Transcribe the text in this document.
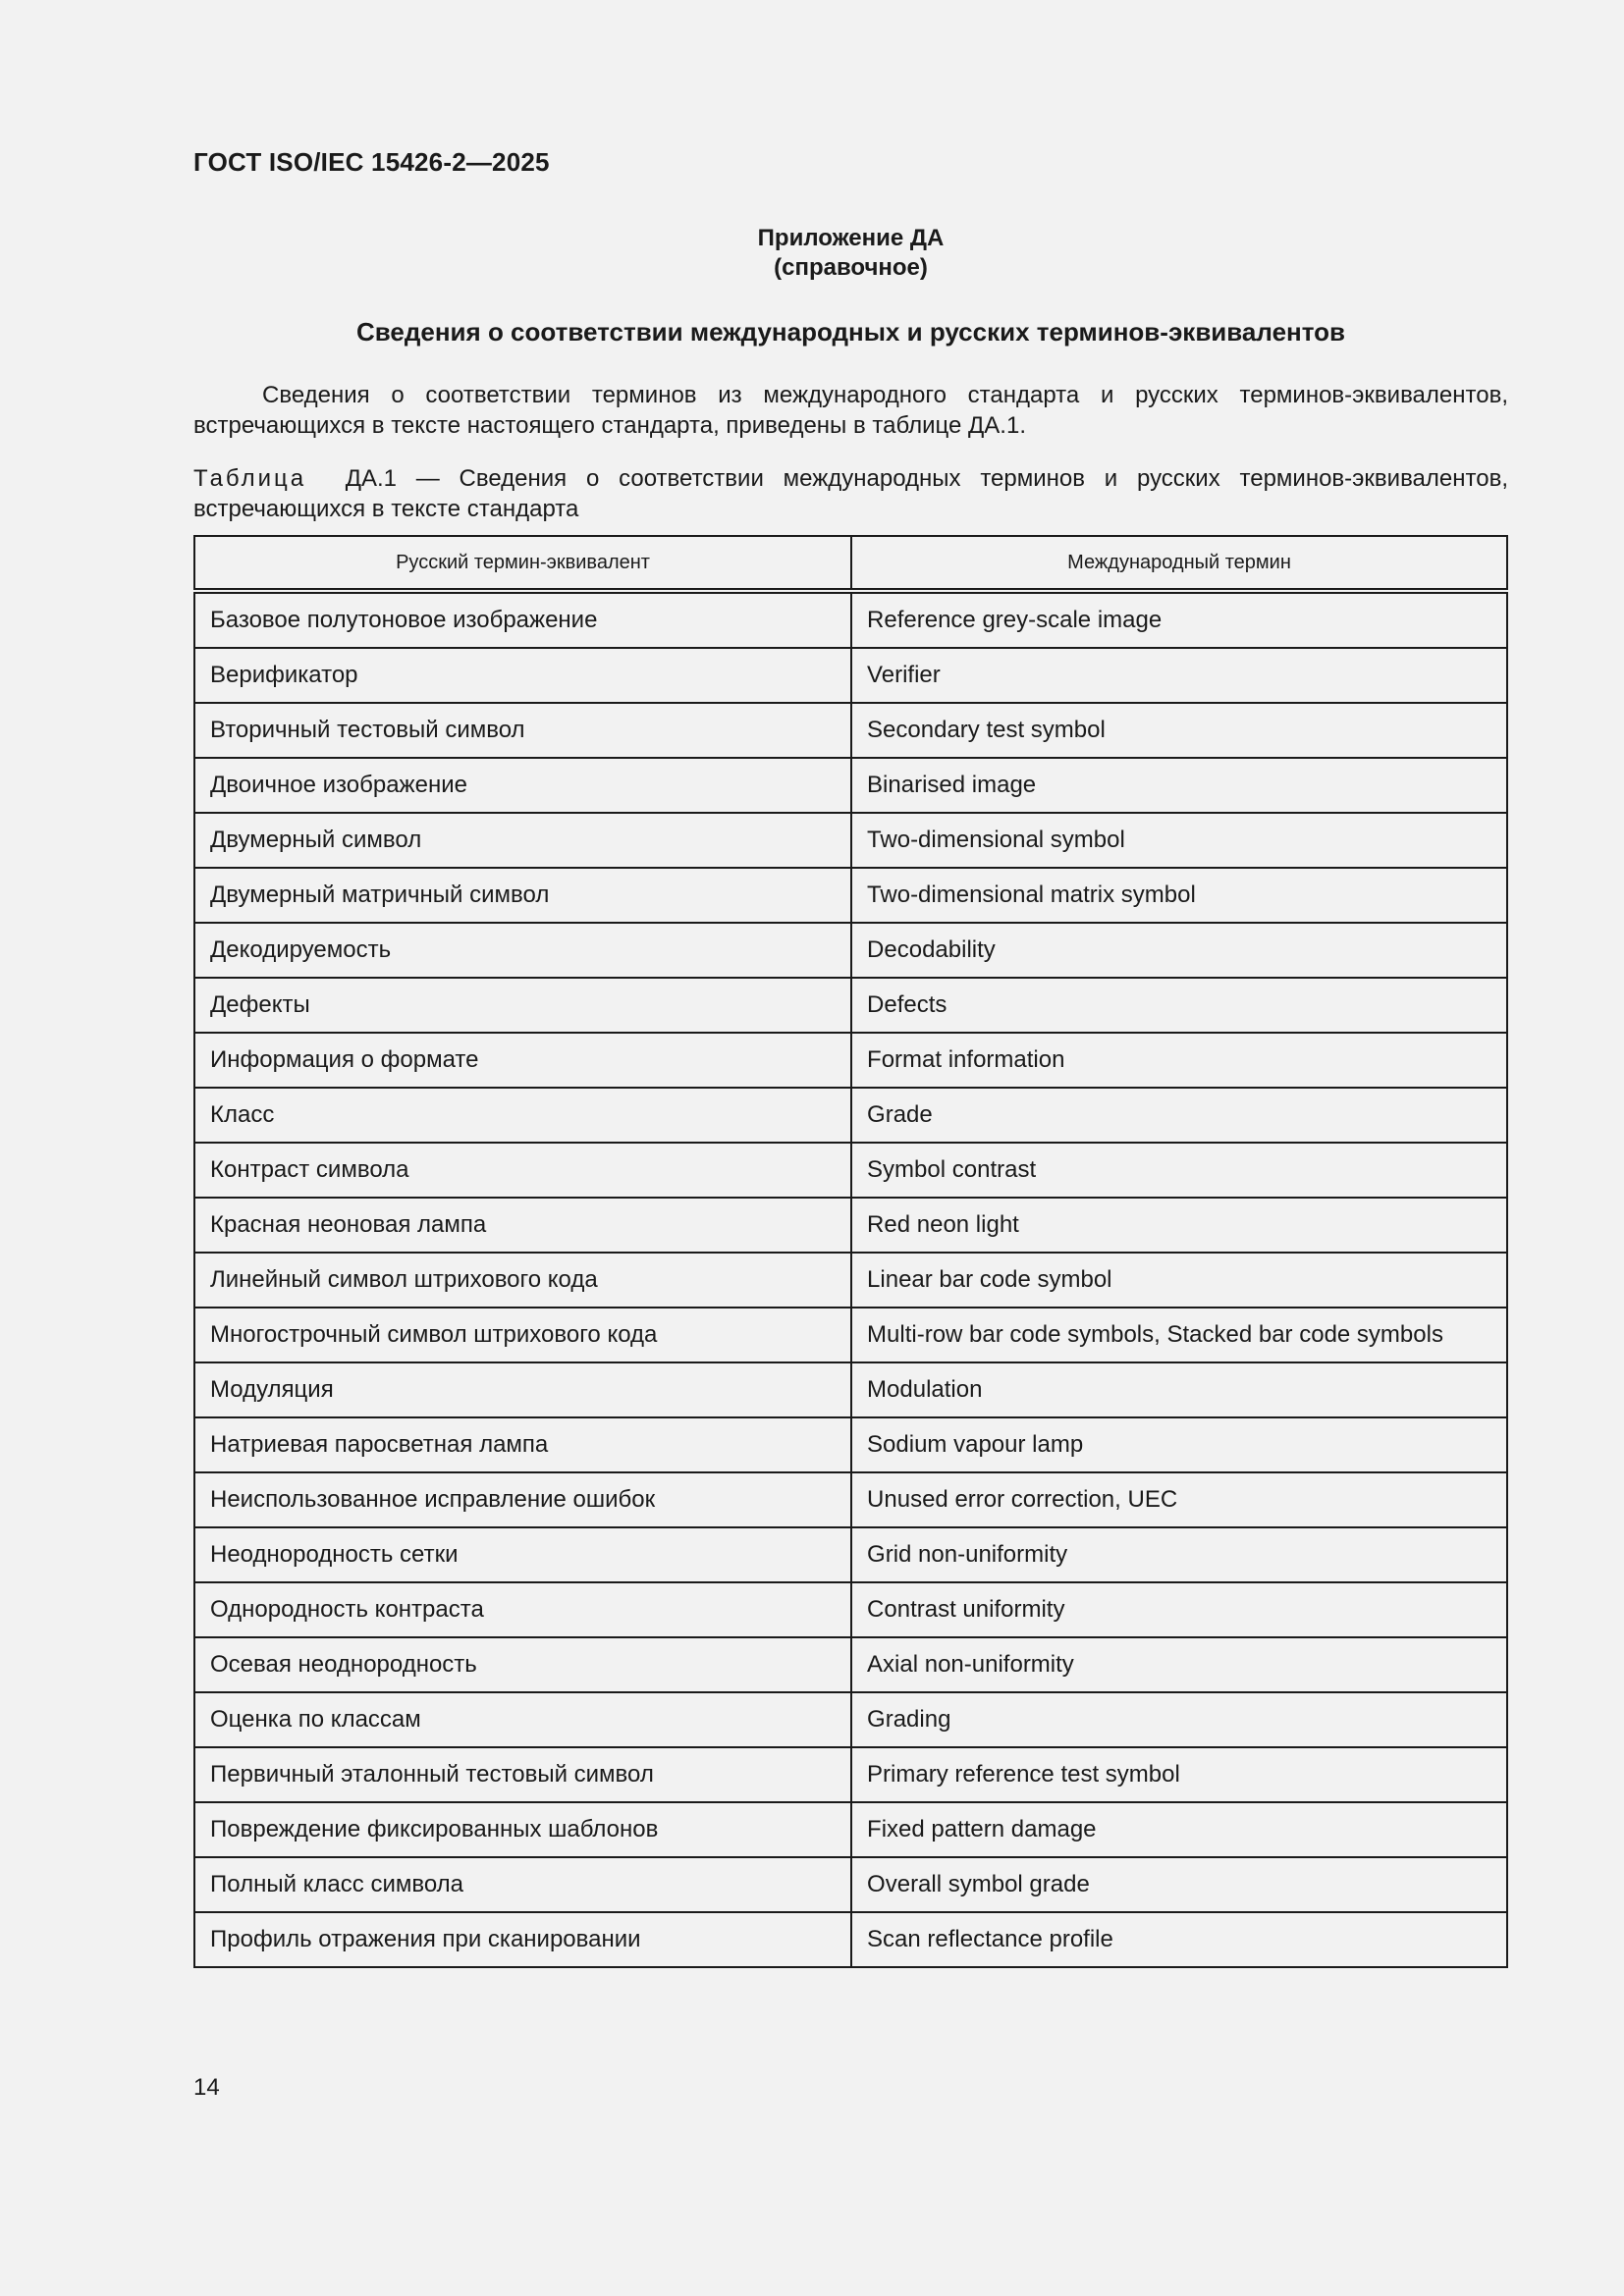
ГОСТ ISO/IEC 15426-2—2025
Приложение ДА
(справочное)
Сведения о соответствии международных и русских терминов-эквивалентов

Сведения о соответствии терминов из международного стандарта и русских терминов-эквивалентов, встречающихся в тексте настоящего стандарта, приведены в таблице ДА.1.

Таблица ДА.1 — Сведения о соответствии международных терминов и русских терминов-эквивалентов, встречающихся в тексте стандарта

Русский термин-эквивалент	Международный термин
Базовое полутоновое изображение	Reference grey-scale image
Верификатор	Verifier
Вторичный тестовый символ	Secondary test symbol
Двоичное изображение	Binarised image
Двумерный символ	Two-dimensional symbol
Двумерный матричный символ	Two-dimensional matrix symbol
Декодируемость	Decodability
Дефекты	Defects
Информация о формате	Format information
Класс	Grade
Контраст символа	Symbol contrast
Красная неоновая лампа	Red neon light
Линейный символ штрихового кода	Linear bar code symbol
Многострочный символ штрихового кода	Multi-row bar code symbols, Stacked bar code symbols
Модуляция	Modulation
Натриевая паросветная лампа	Sodium vapour lamp
Неиспользованное исправление ошибок	Unused error correction, UEC
Неоднородность сетки	Grid non-uniformity
Однородность контраста	Contrast uniformity
Осевая неоднородность	Axial non-uniformity
Оценка по классам	Grading
Первичный эталонный тестовый символ	Primary reference test symbol
Повреждение фиксированных шаблонов	Fixed pattern damage
Полный класс символа	Overall symbol grade
Профиль отражения при сканировании	Scan reflectance profile
14
